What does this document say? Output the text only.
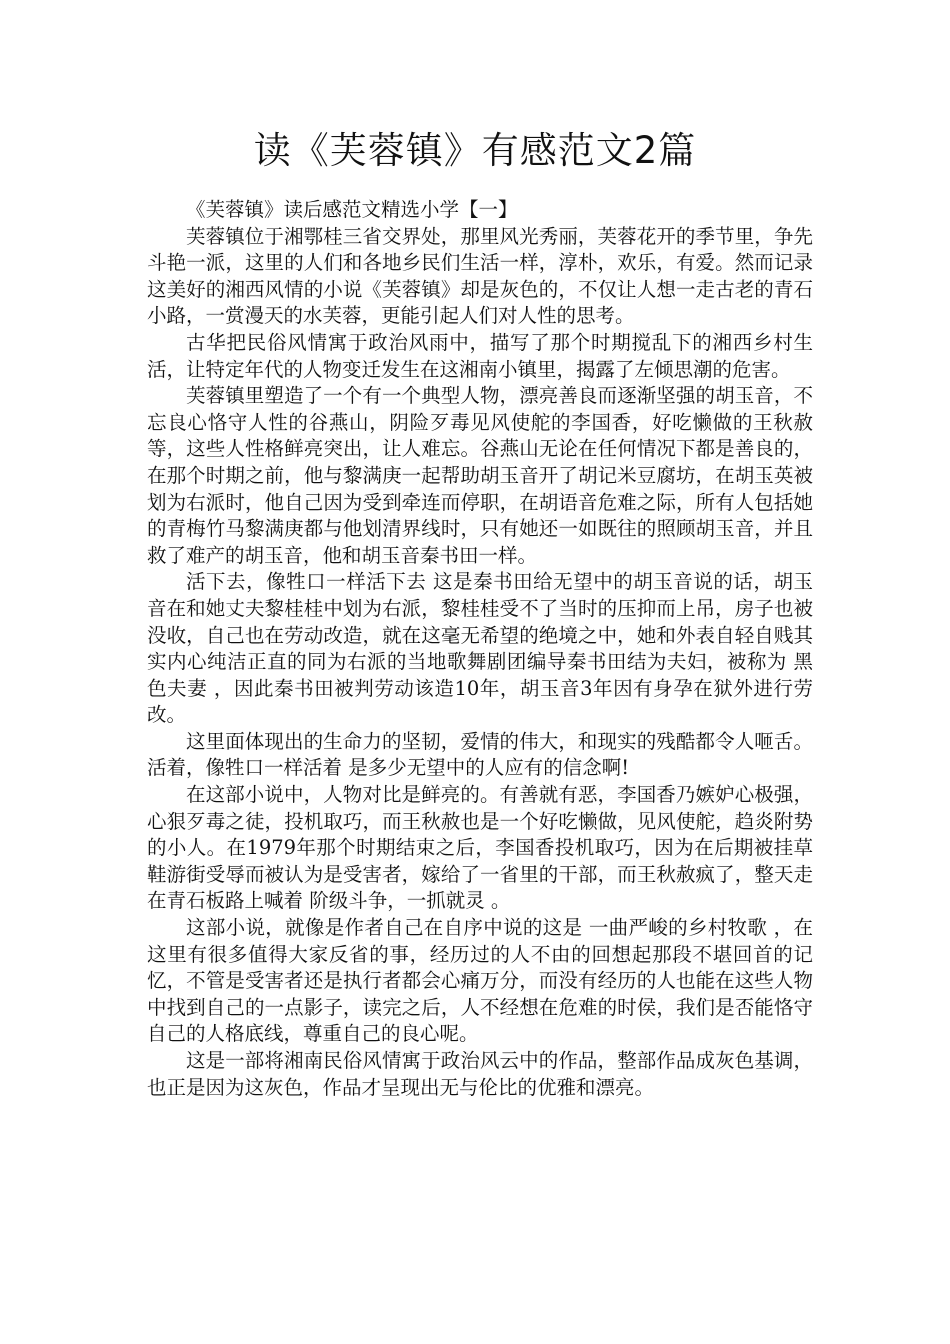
读《芙蓉镇》有感范文2篇

《芙蓉镇》读后感范文精选小学【一】

芙蓉镇位于湘鄂桂三省交界处，那里风光秀丽，芙蓉花开的季节里，争先斗艳一派，这里的人们和各地乡民们生活一样，淳朴，欢乐，有爱。然而记录这美好的湘西风情的小说《芙蓉镇》却是灰色的，不仅让人想一走古老的青石小路，一赏漫天的水芙蓉，更能引起人们对人性的思考。

古华把民俗风情寓于政治风雨中，描写了那个时期搅乱下的湘西乡村生活，让特定年代的人物变迁发生在这湘南小镇里，揭露了左倾思潮的危害。

芙蓉镇里塑造了一个有一个典型人物，漂亮善良而逐渐坚强的胡玉音，不忘良心恪守人性的谷燕山，阴险歹毒见风使舵的李国香，好吃懒做的王秋赦等，这些人性格鲜亮突出，让人难忘。谷燕山无论在任何情况下都是善良的，在那个时期之前，他与黎满庚一起帮助胡玉音开了胡记米豆腐坊，在胡玉英被划为右派时，他自己因为受到牵连而停职，在胡语音危难之际，所有人包括她的青梅竹马黎满庚都与他划清界线时，只有她还一如既往的照顾胡玉音，并且救了难产的胡玉音，他和胡玉音秦书田一样。

活下去，像牲口一样活下去 这是秦书田给无望中的胡玉音说的话，胡玉音在和她丈夫黎桂桂中划为右派，黎桂桂受不了当时的压抑而上吊，房子也被没收，自己也在劳动改造，就在这毫无希望的绝境之中，她和外表自轻自贱其实内心纯洁正直的同为右派的当地歌舞剧团编导秦书田结为夫妇，被称为 黑色夫妻 ，因此秦书田被判劳动该造10年，胡玉音3年因有身孕在狱外进行劳改。

这里面体现出的生命力的坚韧，爱情的伟大，和现实的残酷都令人咂舌。 活着，像牲口一样活着 是多少无望中的人应有的信念啊!

在这部小说中，人物对比是鲜亮的。有善就有恶，李国香乃嫉妒心极强，心狠歹毒之徒，投机取巧，而王秋赦也是一个好吃懒做，见风使舵，趋炎附势的小人。在1979年那个时期结束之后，李国香投机取巧，因为在后期被挂草鞋游街受辱而被认为是受害者，嫁给了一省里的干部，而王秋赦疯了，整天走在青石板路上喊着 阶级斗争，一抓就灵 。

这部小说，就像是作者自己在自序中说的这是 一曲严峻的乡村牧歌 ，在这里有很多值得大家反省的事，经历过的人不由的回想起那段不堪回首的记忆，不管是受害者还是执行者都会心痛万分，而没有经历的人也能在这些人物中找到自己的一点影子，读完之后，人不经想在危难的时侯，我们是否能恪守自己的人格底线，尊重自己的良心呢。

这是一部将湘南民俗风情寓于政治风云中的作品，整部作品成灰色基调，也正是因为这灰色，作品才呈现出无与伦比的优雅和漂亮。
